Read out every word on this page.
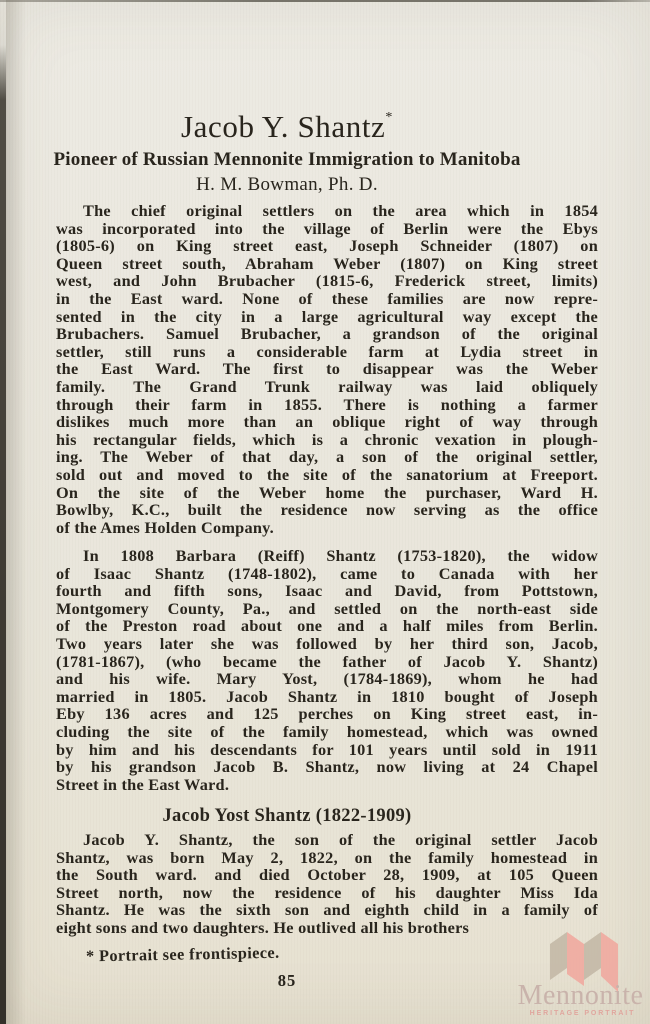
Jacob Y. Shantz *
Pioneer of Russian Mennonite Immigration to Manitoba
H. M. Bowman, Ph. D.
The chief original settlers on the area which in 1854
was incorporated into the village of Berlin were the Ebys
(1805-6) on King street east, Joseph Schneider (1807) on
Queen street south, Abraham Weber (1807) on King street
west, and John Brubacher (1815-6, Frederick street, limits)
in the East ward. None of these families are now repre-
sented in the city in a large agricultural way except the
Brubachers. Samuel Brubacher, a grandson of the original
settler, still runs a considerable farm at Lydia street in
the East Ward. The first to disappear was the Weber
family. The Grand Trunk railway was laid obliquely
through their farm in 1855. There is nothing a farmer
dislikes much more than an oblique right of way through
his rectangular fields, which is a chronic vexation in plough-
ing. The Weber of that day, a son of the original settler,
sold out and moved to the site of the sanatorium at Freeport.
On the site of the Weber home the purchaser, Ward H.
Bowlby, K.C., built the residence now serving as the office
of the Ames Holden Company.
In 1808 Barbara (Reiff) Shantz (1753-1820), the widow
of Isaac Shantz (1748-1802), came to Canada with her
fourth and fifth sons, Isaac and David, from Pottstown,
Montgomery County, Pa., and settled on the north-east side
of the Preston road about one and a half miles from Berlin.
Two years later she was followed by her third son, Jacob,
(1781-1867), (who became the father of Jacob Y. Shantz)
and his wife. Mary Yost, (1784-1869), whom he had
married in 1805. Jacob Shantz in 1810 bought of Joseph
Eby 136 acres and 125 perches on King street east, in-
cluding the site of the family homestead, which was owned
by him and his descendants for 101 years until sold in 1911
by his grandson Jacob B. Shantz, now living at 24 Chapel
Street in the East Ward.
Jacob Yost Shantz (1822-1909)
Jacob Y. Shantz, the son of the original settler Jacob
Shantz, was born May 2, 1822, on the family homestead in
the South ward. and died October 28, 1909, at 105 Queen
Street north, now the residence of his daughter Miss Ida
Shantz. He was the sixth son and eighth child in a family of
eight sons and two daughters. He outlived all his brothers
* Portrait see frontispiece.
85	Mennonite
HERITAGE PORTRAIT
